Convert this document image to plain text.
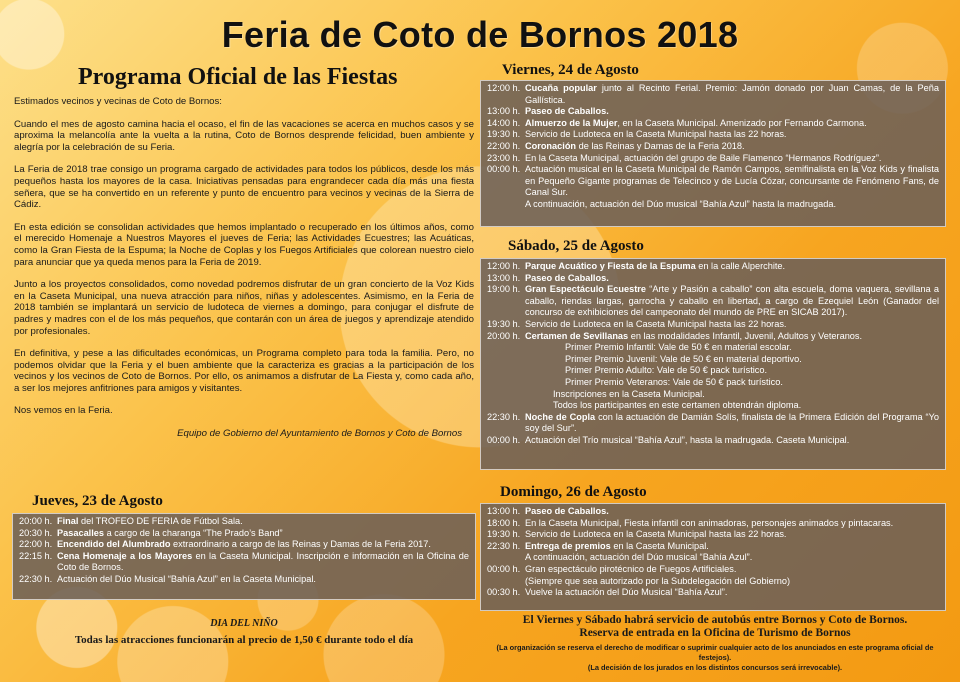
Feria de Coto de Bornos 2018
Programa Oficial de las Fiestas

Estimados vecinos y vecinas de Coto de Bornos:

Cuando el mes de agosto camina hacia el ocaso, el fin de las vacaciones se acerca en muchos casos y se aproxima la melancolía ante la vuelta a la rutina, Coto de Bornos desprende felicidad, buen ambiente y alegría por la celebración de su Feria.

La Feria de 2018 trae consigo un programa cargado de actividades para todos los públicos, desde los más pequeños hasta los mayores de la casa. Iniciativas pensadas para engrandecer cada día más una fiesta señera, que se ha convertido en un referente y punto de encuentro para vecinos y vecinas de la Sierra de Cádiz.

En esta edición se consolidan actividades que hemos implantado o recuperado en los últimos años, como el merecido Homenaje a Nuestros Mayores el jueves de Feria; las Actividades Ecuestres; las Acuáticas, como la Gran Fiesta de la Espuma; la Noche de Coplas y los Fuegos Artificiales que colorean nuestro cielo para anunciar que ya queda menos para la Feria de 2019.

Junto a los proyectos consolidados, como novedad podremos disfrutar de un gran concierto de la Voz Kids en la Caseta Municipal, una nueva atracción para niños, niñas y adolescentes. Asimismo, en la Feria de 2018 también se implantará un servicio de ludoteca de viernes a domingo, para conjugar el disfrute de padres y madres con el de los más pequeños, que contarán con un área de juegos y aprendizaje atendido por profesionales.

En definitiva, y pese a las dificultades económicas, un Programa completo para toda la familia. Pero, no podemos olvidar que la Feria y el buen ambiente que la caracteriza es gracias a la participación de los vecinos y los vecinos de Coto de Bornos. Por ello, os animamos a disfrutar de La Fiesta y, como cada año, a ser los mejores anfitriones para amigos y visitantes.

Nos vemos en la Feria.

Equipo de Gobierno del Ayuntamiento de Bornos y Coto de Bornos

Jueves, 23 de Agosto
20:00 h. Final del TROFEO DE FERIA de Fútbol Sala.
20:30 h. Pasacalles a cargo de la charanga “The Prado’s Band”
22:00 h. Encendido del Alumbrado extraordinario a cargo de las Reinas y Damas de la Feria 2017.
22:15 h. Cena Homenaje a los Mayores en la Caseta Municipal. Inscripción e información en la Oficina de Coto de Bornos.
22:30 h. Actuación del Dúo Musical “Bahía Azul” en la Caseta Municipal.
DIA DEL NIÑO
Todas las atracciones funcionarán al precio de 1,50 € durante todo el día
Viernes, 24 de Agosto
12:00 h. Cucaña popular junto al Recinto Ferial. Premio: Jamón donado por Juan Camas, de la Peña Gallística.
13:00 h. Paseo de Caballos.
14:00 h. Almuerzo de la Mujer, en la Caseta Municipal. Amenizado por Fernando Carmona.
19:30 h. Servicio de Ludoteca en la Caseta Municipal hasta las 22 horas.
22:00 h. Coronación de las Reinas y Damas de la Feria 2018.
23:00 h. En la Caseta Municipal, actuación del grupo de Baile Flamenco “Hermanos Rodríguez”.
00:00 h. Actuación musical en la Caseta Municipal de Ramón Campos, semifinalista en la Voz Kids y finalista en Pequeño Gigante programas de Telecinco y de Lucía Cózar, concursante de Fenómeno Fans, de Canal Sur.
A continuación, actuación del Dúo musical “Bahía Azul” hasta la madrugada.
Sábado, 25 de Agosto
12:00 h. Parque Acuático y Fiesta de la Espuma en la calle Alperchite.
13:00 h. Paseo de Caballos.
19:00 h. Gran Espectáculo Ecuestre “Arte y Pasión a caballo” con alta escuela, doma vaquera, sevillana a caballo, riendas largas, garrocha y caballo en libertad, a cargo de Ezequiel León (Ganador del concurso de exhibiciones del campeonato del mundo de PRE en SICAB 2017).
19:30 h. Servicio de Ludoteca en la Caseta Municipal hasta las 22 horas.
20:00 h. Certamen de Sevillanas en las modalidades Infantil, Juvenil, Adultos y Veteranos.
Primer Premio Infantil: Vale de 50 € en material escolar.
Primer Premio Juvenil: Vale de 50 € en material deportivo.
Primer Premio Adulto: Vale de 50 € pack turístico.
Primer Premio Veteranos: Vale de 50 € pack turístico.
Inscripciones en la Caseta Municipal.
Todos los participantes en este certamen obtendrán diploma.
22:30 h. Noche de Copla con la actuación de Damián Solís, finalista de la Primera Edición del Programa “Yo soy del Sur”.
00:00 h. Actuación del Trío musical “Bahía Azul”, hasta la madrugada. Caseta Municipal.
Domingo, 26 de Agosto
13:00 h. Paseo de Caballos.
18:00 h. En la Caseta Municipal, Fiesta infantil con animadoras, personajes animados y pintacaras.
19:30 h. Servicio de Ludoteca en la Caseta Municipal hasta las 22 horas.
22:30 h. Entrega de premios en la Caseta Municipal.
A continuación, actuación del Dúo musical “Bahía Azul”.
00:00 h. Gran espectáculo pirotécnico de Fuegos Artificiales.
(Siempre que sea autorizado por la Subdelegación del Gobierno)
00:30 h. Vuelve la actuación del Dúo Musical “Bahía Azul”.
El Viernes y Sábado habrá servicio de autobús entre Bornos y Coto de Bornos.
Reserva de entrada en la Oficina de Turismo de Bornos
(La organización se reserva el derecho de modificar o suprimir cualquier acto de los anunciados en este programa oficial de festejos).
(La decisión de los jurados en los distintos concursos será irrevocable).
